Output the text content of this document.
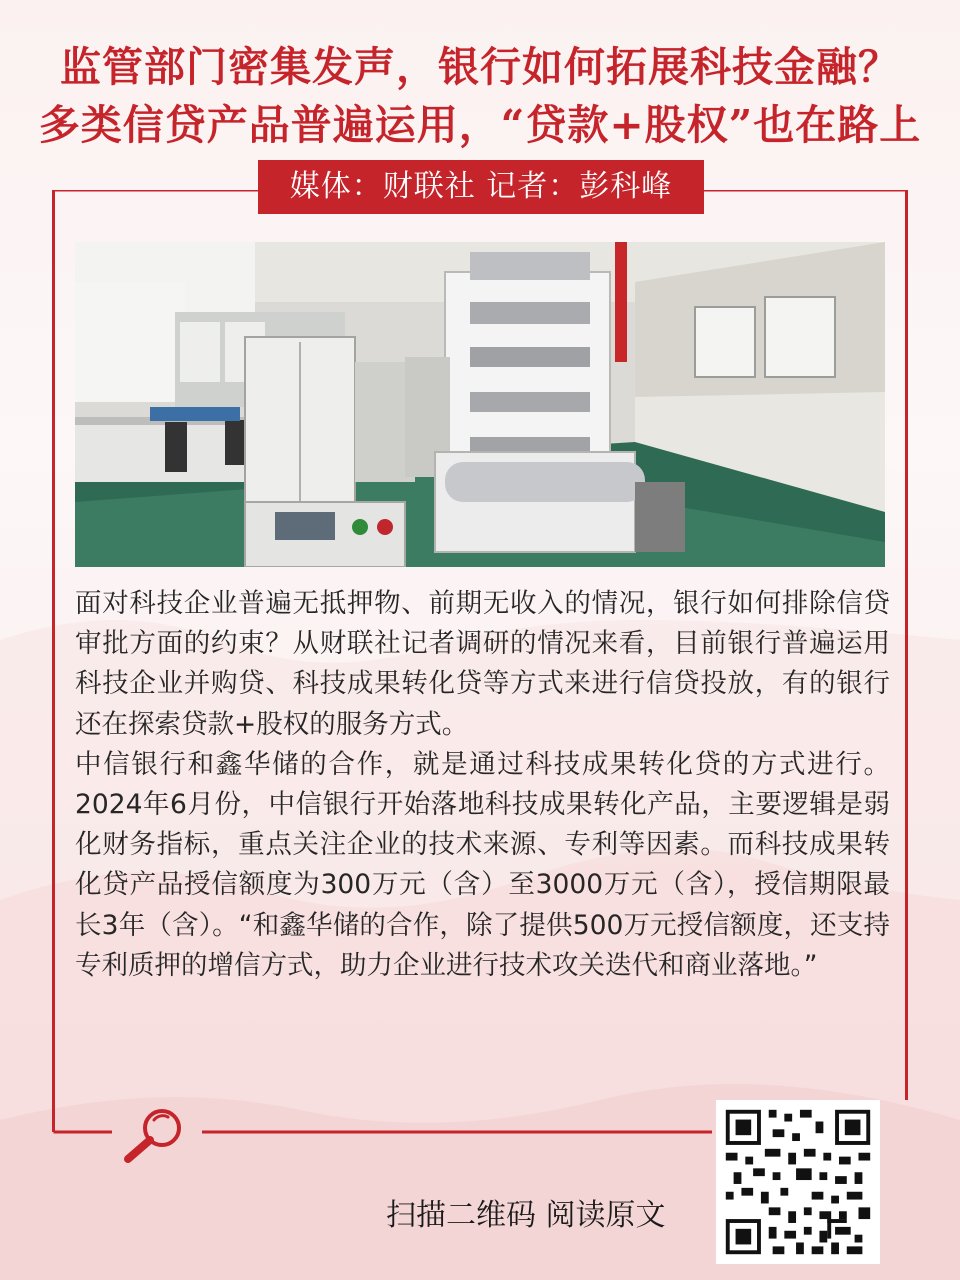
监管部门密集发声，银行如何拓展科技金融？
多类信贷产品普遍运用，“贷款+股权”也在路上
媒体：财联社 记者：彭科峰

面对科技企业普遍无抵押物、前期无收入的情况，银行如何排除信贷审批方面的约束？从财联社记者调研的情况来看，目前银行普遍运用科技企业并购贷、科技成果转化贷等方式来进行信贷投放，有的银行还在探索贷款+股权的服务方式。

中信银行和鑫华储的合作，就是通过科技成果转化贷的方式进行。2024年6月份，中信银行开始落地科技成果转化产品，主要逻辑是弱化财务指标，重点关注企业的技术来源、专利等因素。而科技成果转化贷产品授信额度为300万元（含）至3000万元（含），授信期限最长3年（含）。“和鑫华储的合作，除了提供500万元授信额度，还支持专利质押的增信方式，助力企业进行技术攻关迭代和商业落地。”

扫描二维码 阅读原文
